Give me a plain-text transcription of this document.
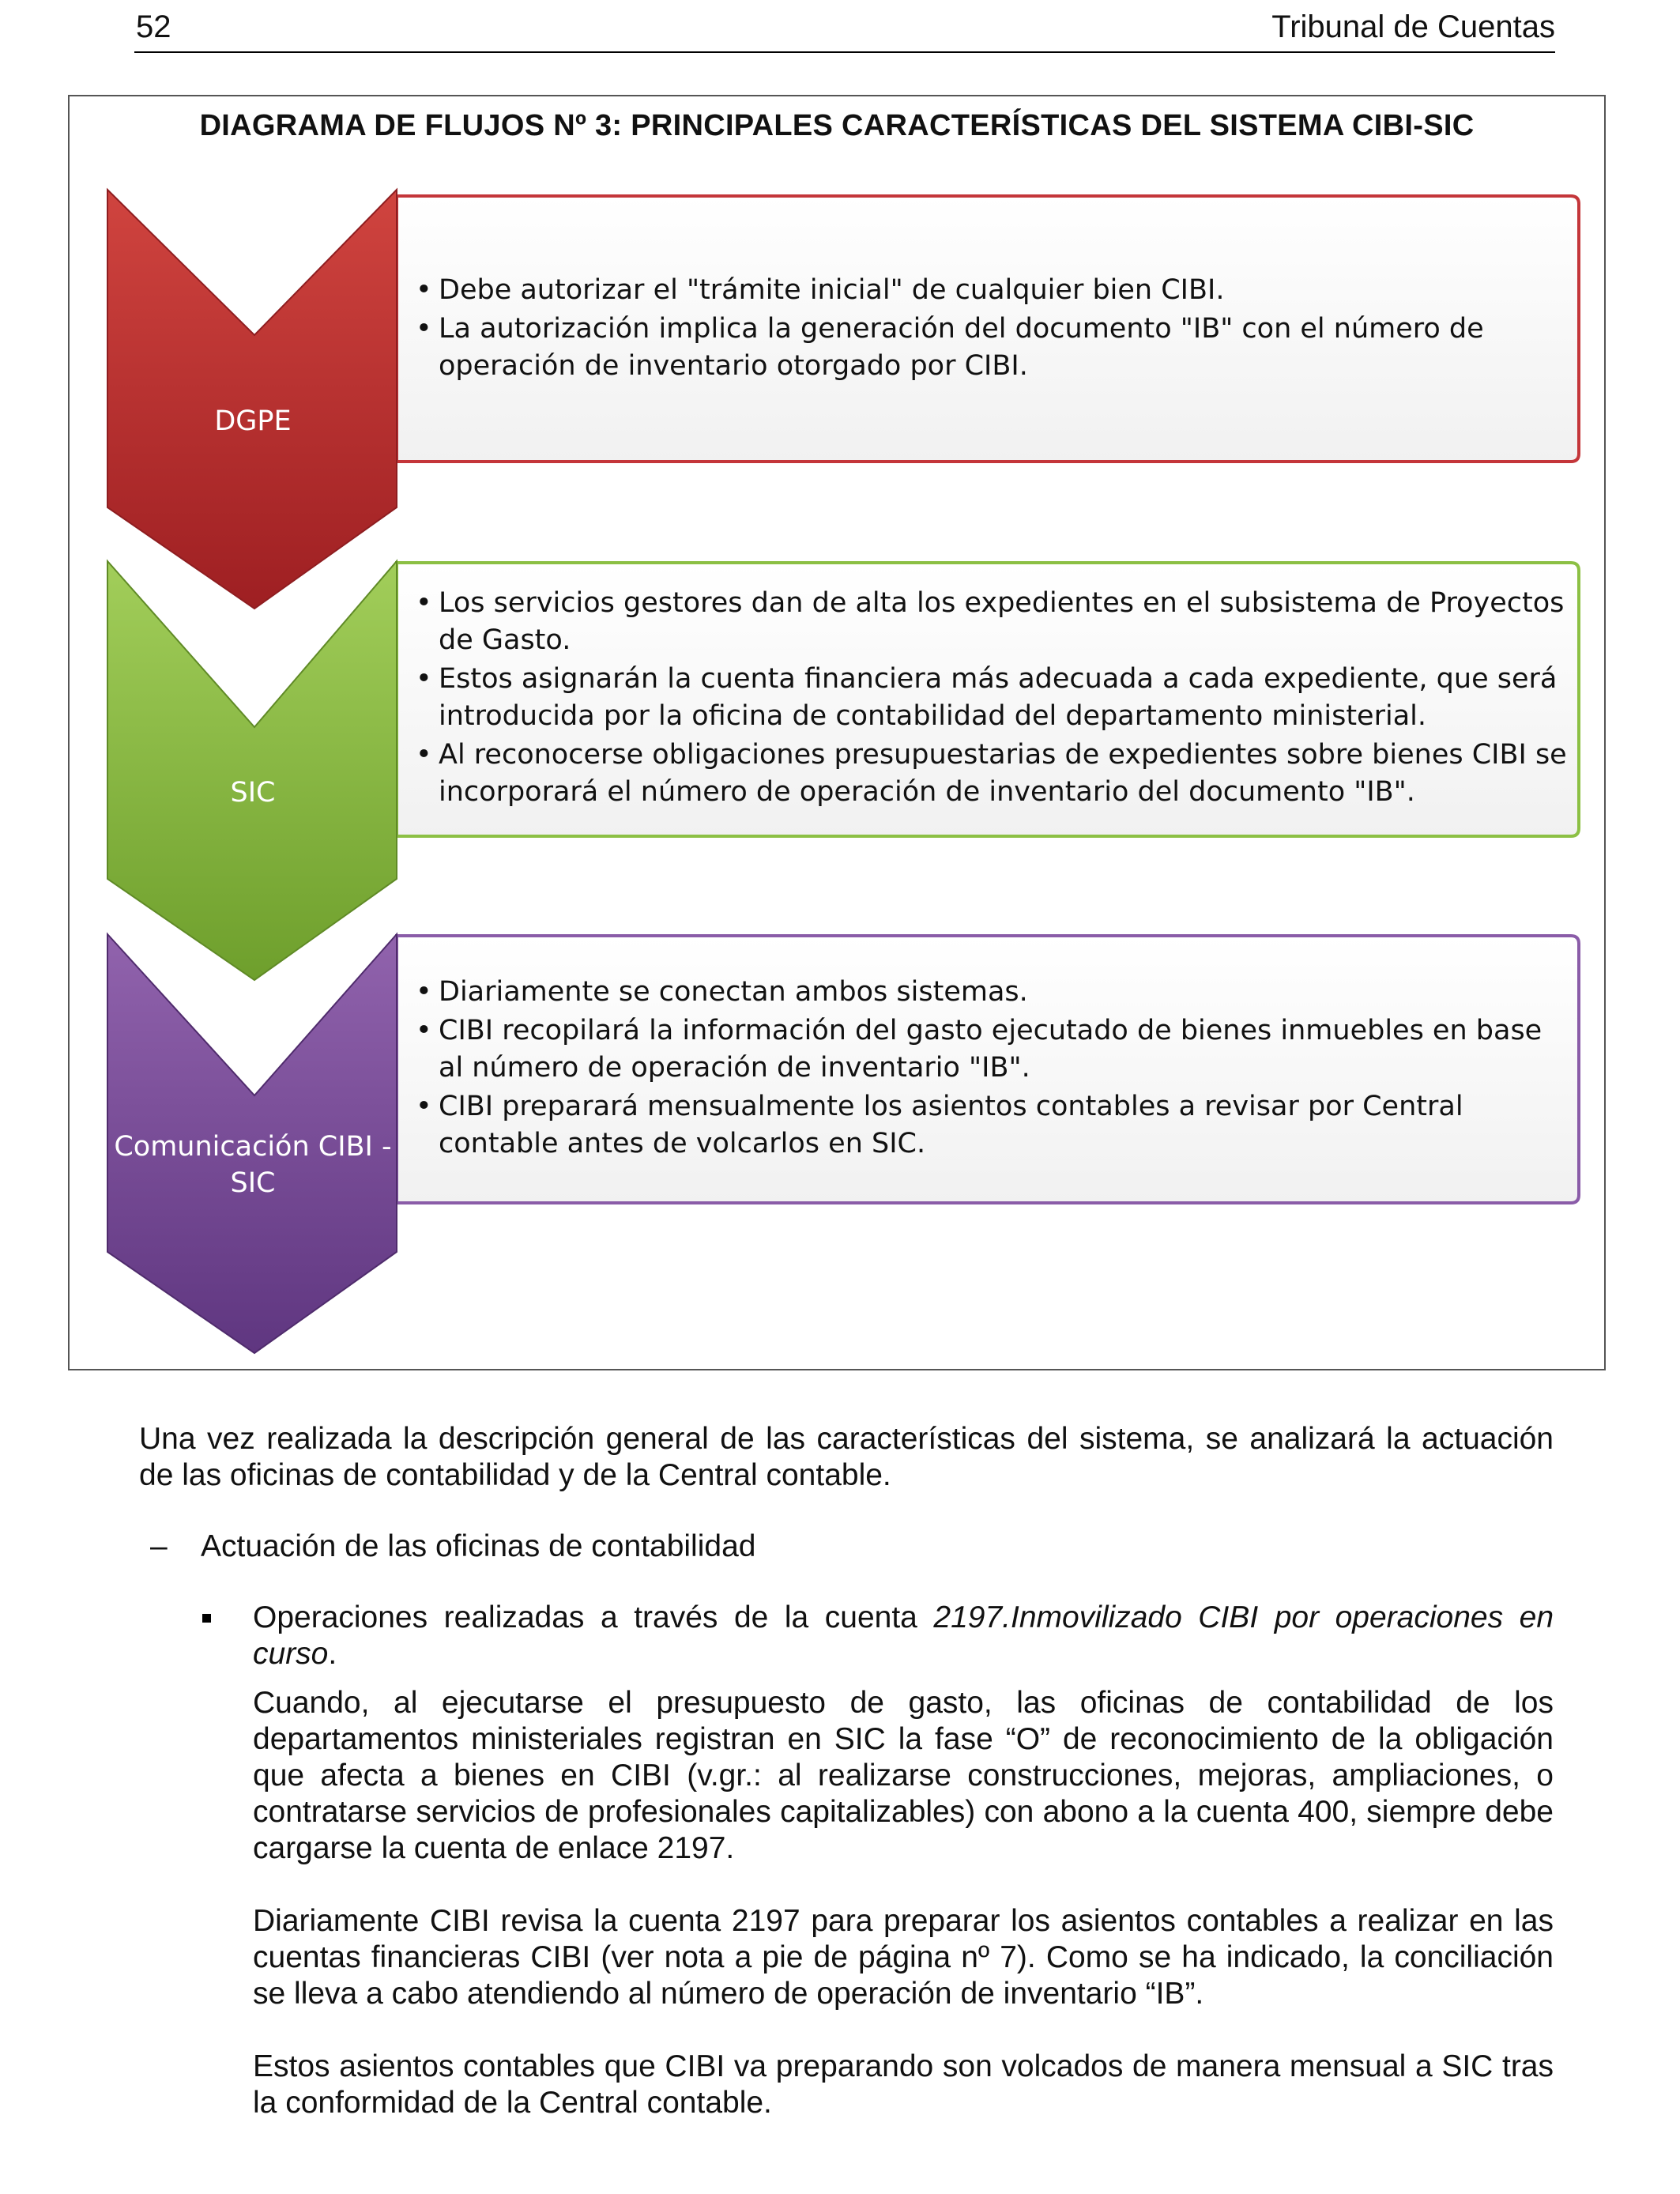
52	Tribunal de Cuentas
DIAGRAMA DE FLUJOS Nº 3: PRINCIPALES CARACTERÍSTICAS DEL SISTEMA CIBI-SIC
DGPE
SIC
Comunicación CIBI - SIC
• Debe autorizar el "trámite inicial" de cualquier bien CIBI.
• La autorización implica la generación del documento "IB" con el número de operación de inventario otorgado por CIBI.
• Los servicios gestores dan de alta los expedientes en el subsistema de Proyectos de Gasto.
• Estos asignarán la cuenta financiera más adecuada a cada expediente, que será introducida por la oficina de contabilidad del departamento ministerial.
• Al reconocerse obligaciones presupuestarias de expedientes sobre bienes CIBI se incorporará el número de operación de inventario del documento "IB".
• Diariamente se conectan ambos sistemas.
• CIBI recopilará la información del gasto ejecutado de bienes inmuebles en base al número de operación de inventario "IB".
• CIBI preparará mensualmente los asientos contables a revisar por Central contable antes de volcarlos en SIC.

Una vez realizada la descripción general de las características del sistema, se analizará la actuación de las oficinas de contabilidad y de la Central contable.

– Actuación de las oficinas de contabilidad
Operaciones realizadas a través de la cuenta 2197.Inmovilizado CIBI por operaciones en curso.

Cuando, al ejecutarse el presupuesto de gasto, las oficinas de contabilidad de los departamentos ministeriales registran en SIC la fase “O” de reconocimiento de la obligación que afecta a bienes en CIBI (v.gr.: al realizarse construcciones, mejoras, ampliaciones, o contratarse servicios de profesionales capitalizables) con abono a la cuenta 400, siempre debe cargarse la cuenta de enlace 2197.

Diariamente CIBI revisa la cuenta 2197 para preparar los asientos contables a realizar en las cuentas financieras CIBI (ver nota a pie de página nº 7). Como se ha indicado, la conciliación se lleva a cabo atendiendo al número de operación de inventario “IB”.

Estos asientos contables que CIBI va preparando son volcados de manera mensual a SIC tras la conformidad de la Central contable.
